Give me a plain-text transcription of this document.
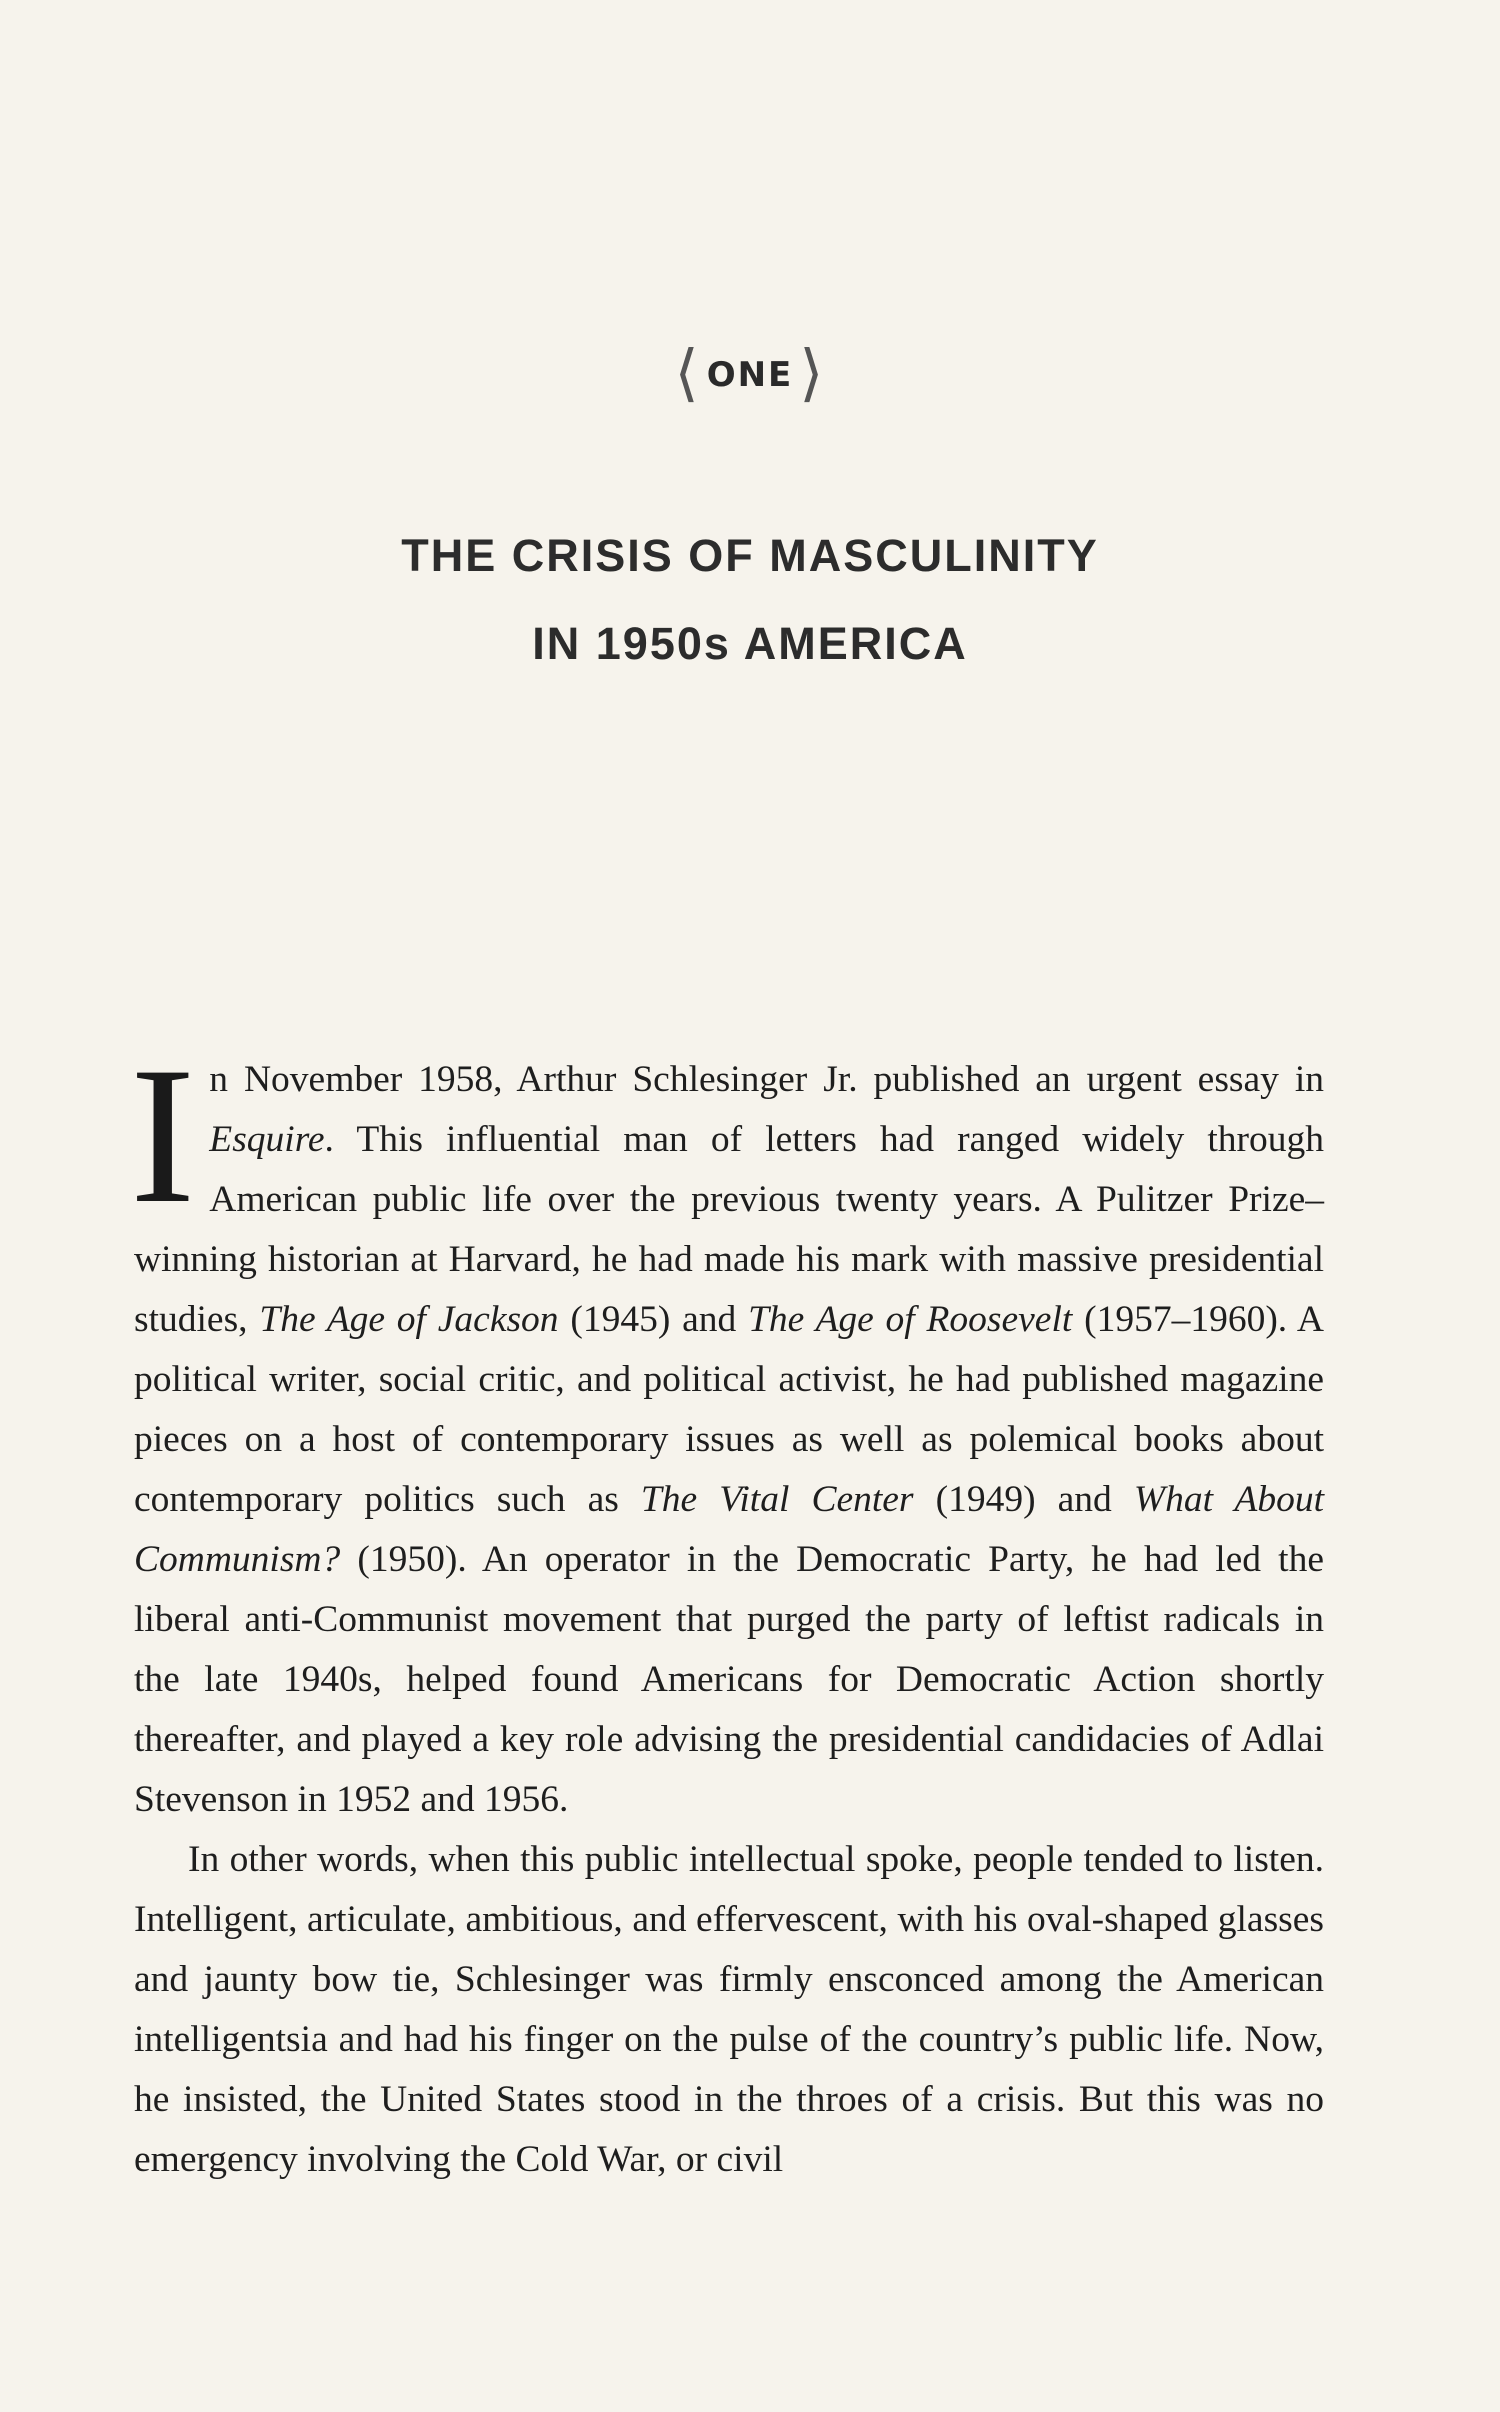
⟨ ONE⟩
THE CRISIS OF MASCULINITY
IN 1950s AMERICA

In November 1958, Arthur Schlesinger Jr. published an urgent essay in Esquire. This influential man of letters had ranged widely through American public life over the previous twenty years. A Pulitzer Prize–winning historian at Harvard, he had made his mark with massive presidential studies, The Age of Jackson (1945) and The Age of Roosevelt (1957–1960). A political writer, social critic, and political activist, he had published magazine pieces on a host of contemporary issues as well as polemical books about contemporary politics such as The Vital Center (1949) and What About Communism? (1950). An operator in the Democratic Party, he had led the liberal anti-Communist movement that purged the party of leftist radicals in the late 1940s, helped found Americans for Democratic Action shortly thereafter, and played a key role advising the presidential candidacies of Adlai Stevenson in 1952 and 1956.

In other words, when this public intellectual spoke, people tended to listen. Intelligent, articulate, ambitious, and effervescent, with his oval-shaped glasses and jaunty bow tie, Schlesinger was firmly ensconced among the American intelligentsia and had his finger on the pulse of the country’s public life. Now, he insisted, the United States stood in the throes of a crisis. But this was no emergency involving the Cold War, or civil
